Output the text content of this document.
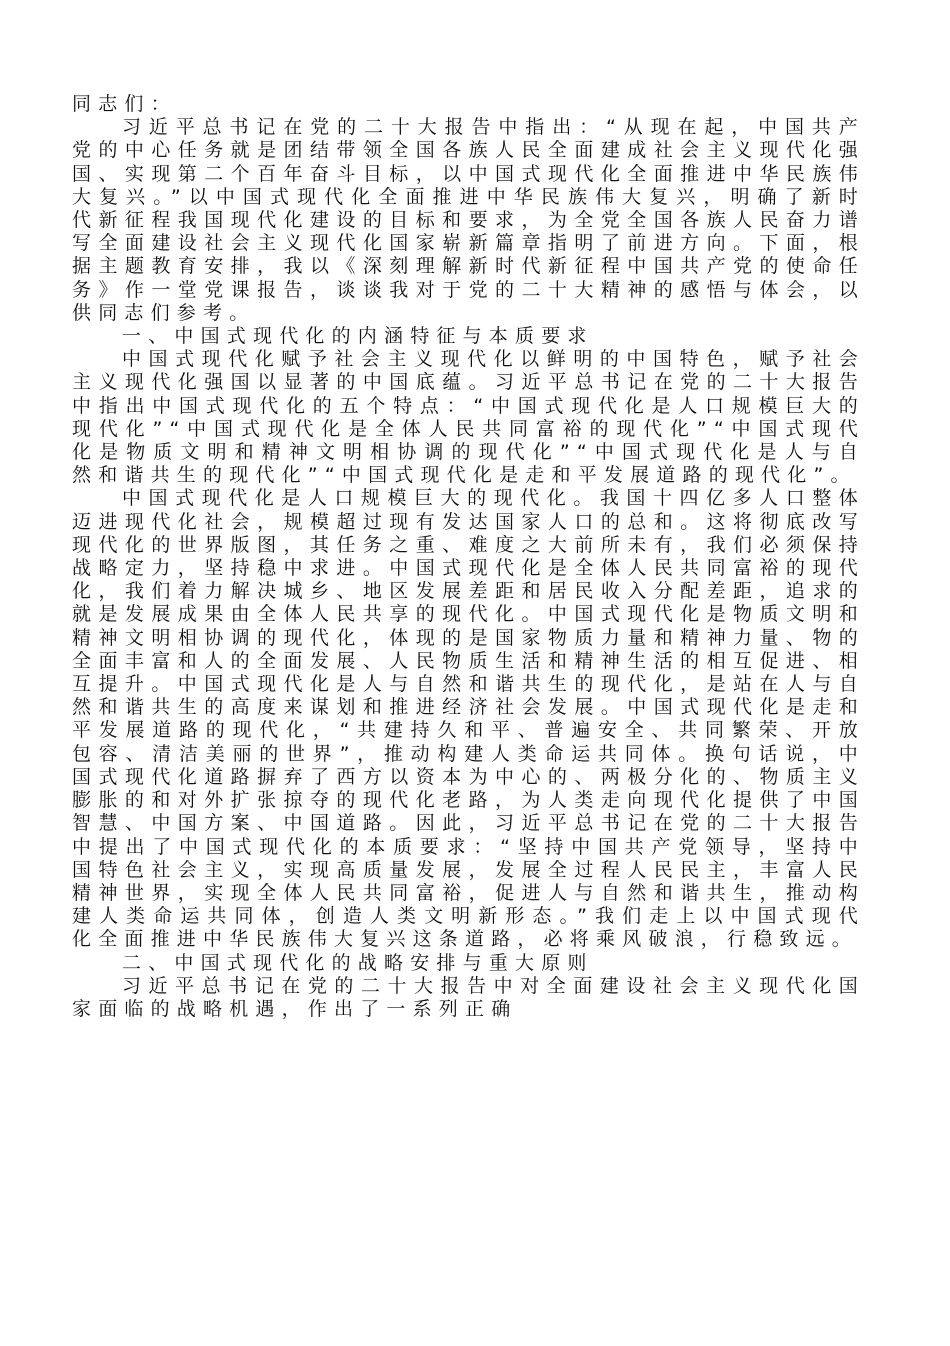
同志们：

习近平总书记在党的二十大报告中指出：“从现在起，中国共产党的中心任务就是团结带领全国各族人民全面建成社会主义现代化强国、实现第二个百年奋斗目标，以中国式现代化全面推进中华民族伟大复兴。”以中国式现代化全面推进中华民族伟大复兴，明确了新时代新征程我国现代化建设的目标和要求，为全党全国各族人民奋力谱写全面建设社会主义现代化国家崭新篇章指明了前进方向。下面，根据主题教育安排，我以《深刻理解新时代新征程中国共产党的使命任务》作一堂党课报告，谈谈我对于党的二十大精神的感悟与体会，以供同志们参考。

一、中国式现代化的内涵特征与本质要求

中国式现代化赋予社会主义现代化以鲜明的中国特色，赋予社会主义现代化强国以显著的中国底蕴。习近平总书记在党的二十大报告中指出中国式现代化的五个特点：“中国式现代化是人口规模巨大的现代化”“中国式现代化是全体人民共同富裕的现代化”“中国式现代化是物质文明和精神文明相协调的现代化”“中国式现代化是人与自然和谐共生的现代化”“中国式现代化是走和平发展道路的现代化”。

中国式现代化是人口规模巨大的现代化。我国十四亿多人口整体迈进现代化社会，规模超过现有发达国家人口的总和。这将彻底改写现代化的世界版图，其任务之重、难度之大前所未有，我们必须保持战略定力，坚持稳中求进。中国式现代化是全体人民共同富裕的现代化，我们着力解决城乡、地区发展差距和居民收入分配差距，追求的就是发展成果由全体人民共享的现代化。中国式现代化是物质文明和精神文明相协调的现代化，体现的是国家物质力量和精神力量、物的全面丰富和人的全面发展、人民物质生活和精神生活的相互促进、相互提升。中国式现代化是人与自然和谐共生的现代化，是站在人与自然和谐共生的高度来谋划和推进经济社会发展。中国式现代化是走和平发展道路的现代化，“共建持久和平、普遍安全、共同繁荣、开放包容、清洁美丽的世界”，推动构建人类命运共同体。换句话说，中国式现代化道路摒弃了西方以资本为中心的、两极分化的、物质主义膨胀的和对外扩张掠夺的现代化老路，为人类走向现代化提供了中国智慧、中国方案、中国道路。因此，习近平总书记在党的二十大报告中提出了中国式现代化的本质要求：“坚持中国共产党领导，坚持中国特色社会主义，实现高质量发展，发展全过程人民民主，丰富人民精神世界，实现全体人民共同富裕，促进人与自然和谐共生，推动构建人类命运共同体，创造人类文明新形态。”我们走上以中国式现代化全面推进中华民族伟大复兴这条道路，必将乘风破浪，行稳致远。

二、中国式现代化的战略安排与重大原则

习近平总书记在党的二十大报告中对全面建设社会主义现代化国家面临的战略机遇，作出了一系列正确
